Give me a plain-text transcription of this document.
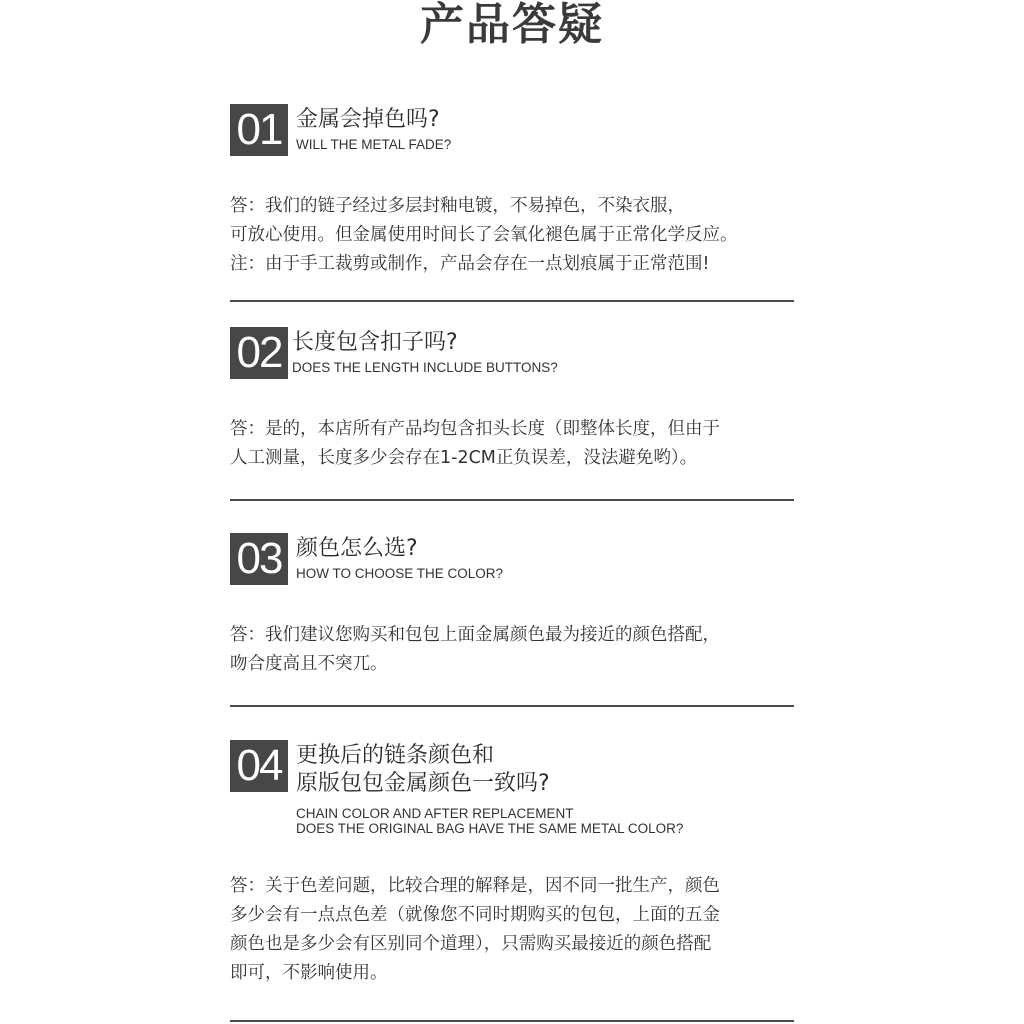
产品答疑
01 金属会掉色吗?

WILL THE METAL FADE?

答：我们的链子经过多层封釉电镀，不易掉色，不染衣服，
可放心使用。但金属使用时间长了会氧化褪色属于正常化学反应。
注：由于手工裁剪或制作，产品会存在一点划痕属于正常范围!

02 长度包含扣子吗?

DOES THE LENGTH INCLUDE BUTTONS?

答：是的，本店所有产品均包含扣头长度（即整体长度，但由于
人工测量，长度多少会存在1-2CM正负误差，没法避免哟）。

03 颜色怎么选?

HOW TO CHOOSE THE COLOR?

答：我们建议您购买和包包上面金属颜色最为接近的颜色搭配，
吻合度高且不突兀。

04 更换后的链条颜色和
原版包包金属颜色一致吗?

CHAIN COLOR AND AFTER REPLACEMENT
DOES THE ORIGINAL BAG HAVE THE SAME METAL COLOR?

答：关于色差问题，比较合理的解释是，因不同一批生产，颜色
多少会有一点点色差（就像您不同时期购买的包包，上面的五金
颜色也是多少会有区别同个道理），只需购买最接近的颜色搭配
即可，不影响使用。
